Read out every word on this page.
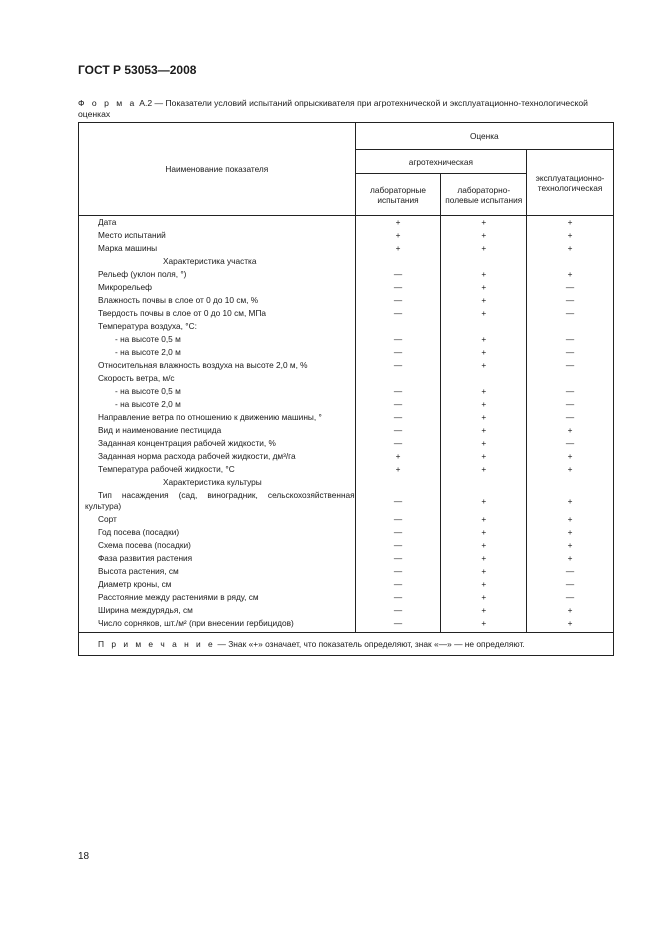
ГОСТ Р 53053—2008
Ф о р м а А.2 — Показатели условий испытаний опрыскивателя при агротехнической и эксплуатационно-технологической оценках
Наименование показателя	Оценка		
	агротехническая		эксплуатационно-технологическая
	лабораторные испытания	лабораторно-полевые испытания	
Дата	+	+	+
Место испытаний	+	+	+
Марка машины	+	+	+
Характеристика участка			
Рельеф (уклон поля, °)	—	+	+
Микрорельеф	—	+	—
Влажность почвы в слое от 0 до 10 см, %	—	+	—
Твердость почвы в слое от 0 до 10 см, МПа	—	+	—
Температура воздуха, °С:			
- на высоте 0,5 м	—	+	—
- на высоте 2,0 м	—	+	—
Относительная влажность воздуха на высоте 2,0 м, %	—	+	—
Скорость ветра, м/с			
- на высоте 0,5 м	—	+	—
- на высоте 2,0 м	—	+	—
Направление ветра по отношению к движению машины, °	—	+	—
Вид и наименование пестицида	—	+	+
Заданная концентрация рабочей жидкости, %	—	+	—
Заданная норма расхода рабочей жидкости, дм³/га	+	+	+
Температура рабочей жидкости, °С	+	+	+
Характеристика культуры			
Тип насаждения (сад, виноградник, сельскохозяйственная культура)	—	+	+
Сорт	—	+	+
Год посева (посадки)	—	+	+
Схема посева (посадки)	—	+	+
Фаза развития растения	—	+	+
Высота растения, см	—	+	—
Диаметр кроны, см	—	+	—
Расстояние между растениями в ряду, см	—	+	—
Ширина междурядья, см	—	+	+
Число сорняков, шт./м² (при внесении гербицидов)	—	+	+
П р и м е ч а н и е — Знак «+» означает, что показатель определяют, знак «—» — не определяют.			
18
